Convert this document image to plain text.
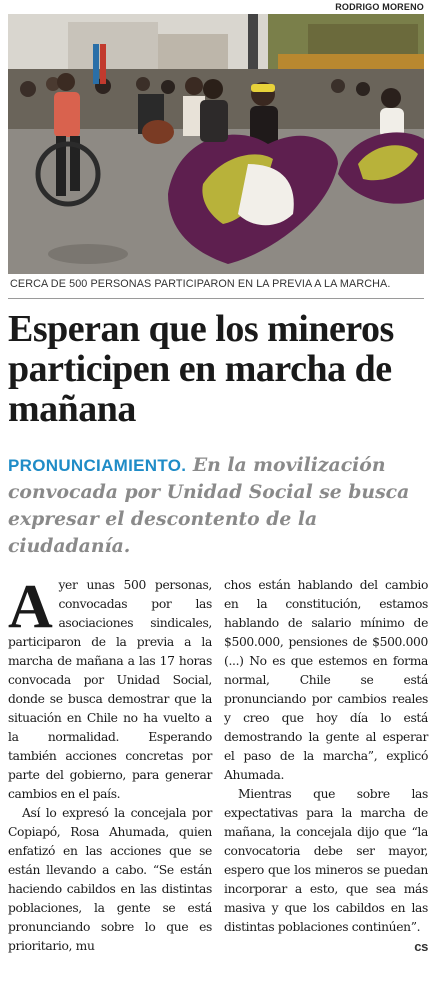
RODRIGO MORENO
CERCA DE 500 PERSONAS PARTICIPARON EN LA PREVIA A LA MARCHA.
Esperan que los mineros participen en marcha de mañana
PRONUNCIAMIENTO. En la movilización convocada por Unidad Social se busca expresar el descontento de la ciudadanía.

Ayer unas 500 personas, convocadas por las asociaciones sindicales, participaron de la previa a la marcha de mañana a las 17 horas convocada por Unidad Social, donde se busca demostrar que la situación en Chile no ha vuelto a la normalidad. Esperando también acciones concretas por parte del gobierno, para generar cambios en el país.

Así lo expresó la concejala por Copiapó, Rosa Ahumada, quien enfatizó en las acciones que se están llevando a cabo. “Se están haciendo cabildos en las distintas poblaciones, la gente se está pronunciando sobre lo que es prioritario, mu

chos están hablando del cambio en la constitución, estamos hablando de salario mínimo de $500.000, pensiones de $500.000 (...) No es que estemos en forma normal, Chile se está pronunciando por cambios reales y creo que hoy día lo está demostrando la gente al esperar el paso de la marcha”, explicó Ahumada.

Mientras que sobre las expectativas para la marcha de mañana, la concejala dijo que “la convocatoria debe ser mayor, espero que los mineros se puedan incorporar a esto, que sea más masiva y que los cabildos en las distintas poblaciones continúen”.
cs
